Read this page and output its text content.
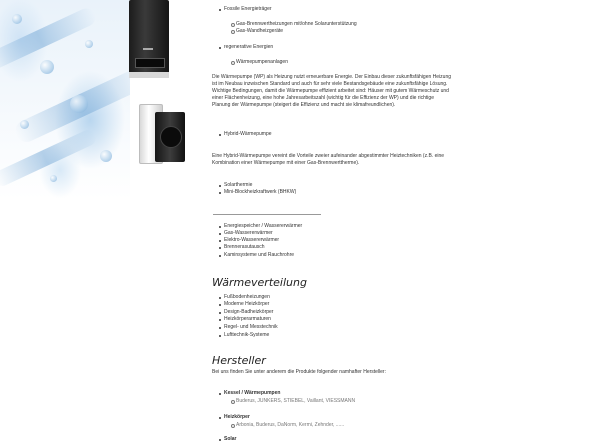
Fossile Energieträger
Gas-Brennwertheizungen mit/ohne Solarunterstützung
Gas-Wandheizgeräte
regenerative Energien
Wärmepumpenanlagen
Die Wärmepumpe (WP) als Heizung nutzt erneuerbare Energie. Der Einbau dieser zukunftsfähigen Heizung ist im Neubau inzwischen Standard und auch für sehr viele Bestandsgebäude eine zukunftsfähige Lösung. Wichtige Bedingungen, damit die Wärmepumpe effizient arbeitet sind: Häuser mit gutem Wärmeschutz und einer Flächenheizung, eine hohe Jahresarbeitszahl (wichtig für die Effizienz der WP) und die richtige Planung der Wärmepumpe (steigert die Effizienz und macht sie klimafreundlichen).
Hybrid-Wärmepumpe
Eine Hybrid-Wärmepumpe vereint die Vorteile zweier aufeinander abgestimmter Heiztechniken (z.B. eine Kombination einer Wärmepumpe mit einer Gas-Brennwerttherme).
Solarthermie
Mini-Blockheizkraftwerk (BHKW)
Energiespeicher / Wassererwärmer
Gas-Wassererwärmer
Elektro-Wassererwärmer
Brennerasutausch
Kaminsysteme und Rauchrohre
Wärmeverteilung
Fußbodenheizungen
Moderne Heizkörper
Design-Badheizkörper
Heizkörperarmaturen
Regel- und Messtechnik
Lufttechnik-Systeme
Hersteller
Bei uns finden Sie unter anderem die Produkte folgender namhafter Hersteller:
Kessel / Wärmepumpen
Buderus, JUNKERS, STIEBEL, Vaillant, VIESSMANN
Heizkörper
Arbonia, Buderus, DaNorm, Kermi, Zehnder, ......
Solar
